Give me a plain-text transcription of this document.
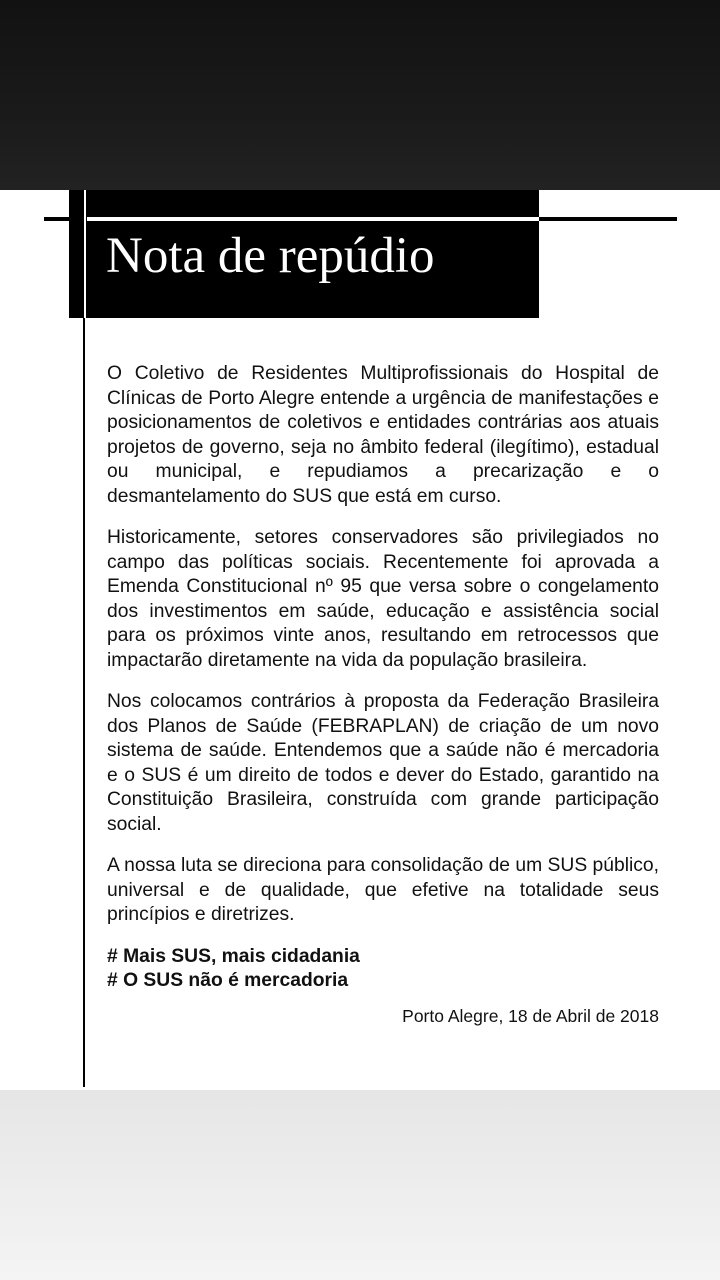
Nota de repúdio

O Coletivo de Residentes Multiprofissionais do Hospital de Clínicas de Porto Alegre entende a urgência de manifestações e posicionamentos de coletivos e entidades contrárias aos atuais projetos de governo, seja no âmbito federal (ilegítimo), estadual ou municipal, e repudiamos a precarização e o desmantelamento do SUS que está em curso.

Historicamente, setores conservadores são privilegiados no campo das políticas sociais. Recentemente foi aprovada a Emenda Constitucional nº 95 que versa sobre o congelamento dos investimentos em saúde, educação e assistência social para os próximos vinte anos, resultando em retrocessos que impactarão diretamente na vida da população brasileira.

Nos colocamos contrários à proposta da Federação Brasileira dos Planos de Saúde (FEBRAPLAN) de criação de um novo sistema de saúde. Entendemos que a saúde não é mercadoria e o SUS é um direito de todos e dever do Estado, garantido na Constituição Brasileira, construída com grande participação social.

A nossa luta se direciona para consolidação de um SUS público, universal e de qualidade, que efetive na totalidade seus princípios e diretrizes.

# Mais SUS, mais cidadania
# O SUS não é mercadoria
Porto Alegre, 18 de Abril de 2018
